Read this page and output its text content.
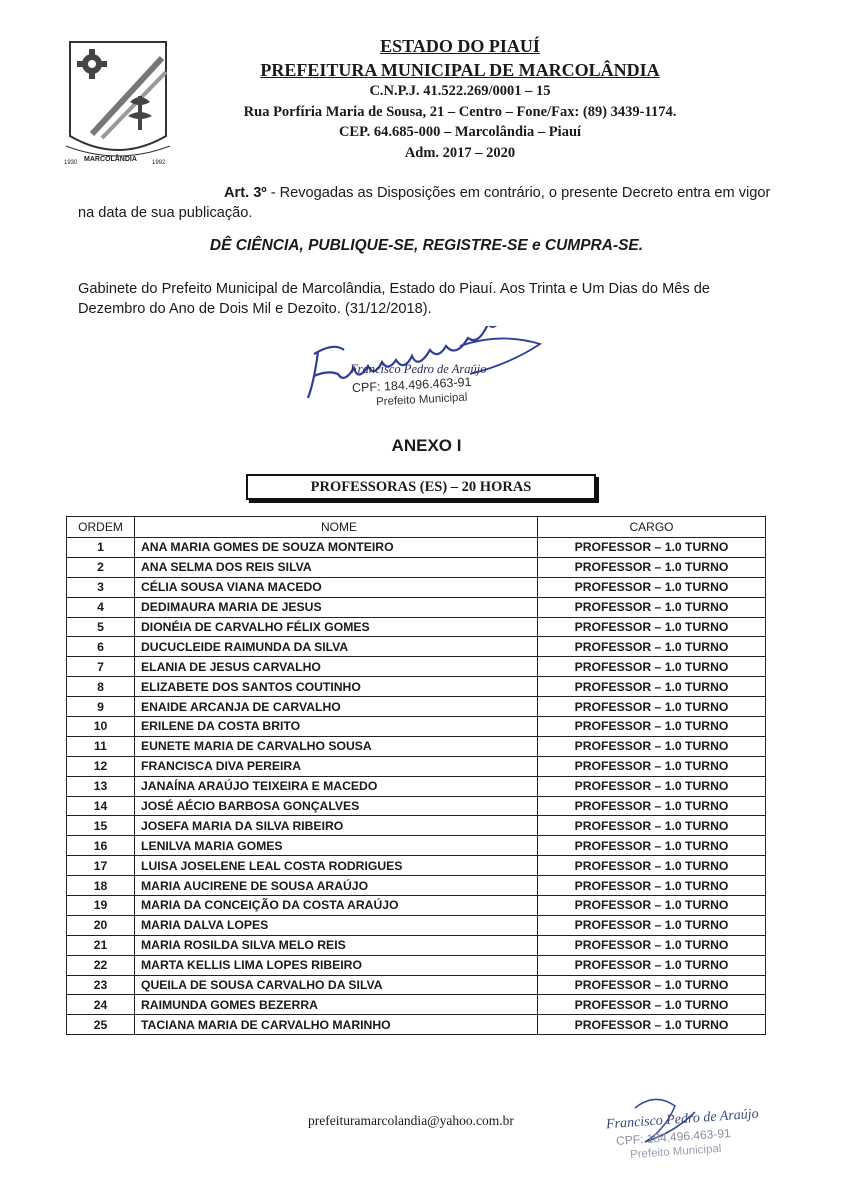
MARCOLÂNDIA
1930	1992
ESTADO DO PIAUÍ
PREFEITURA MUNICIPAL DE MARCOLÂNDIA
C.N.P.J. 41.522.269/0001 – 15
Rua Porfíria Maria de Sousa, 21 – Centro – Fone/Fax: (89) 3439-1174.
CEP. 64.685-000 – Marcolândia – Piauí
Adm. 2017 – 2020
Art. 3º - Revogadas as Disposições em contrário, o presente Decreto entra em vigor na data de sua publicação.
DÊ CIÊNCIA, PUBLIQUE-SE, REGISTRE-SE e CUMPRA-SE.
Gabinete do Prefeito Municipal de Marcolândia, Estado do Piauí. Aos Trinta e Um Dias do Mês de Dezembro do Ano de Dois Mil e Dezoito. (31/12/2018).
Francisco Pedro de Araújo
CPF: 184.496.463-91
Prefeito Municipal
ANEXO I
PROFESSORAS (ES) – 20 HORAS
ORDEM	NOME	CARGO
1	ANA MARIA GOMES DE SOUZA MONTEIRO	PROFESSOR – 1.0 TURNO
2	ANA SELMA DOS REIS SILVA	PROFESSOR – 1.0 TURNO
3	CÉLIA SOUSA VIANA MACEDO	PROFESSOR – 1.0 TURNO
4	DEDIMAURA MARIA DE JESUS	PROFESSOR – 1.0 TURNO
5	DIONÉIA DE CARVALHO FÉLIX GOMES	PROFESSOR – 1.0 TURNO
6	DUCUCLEIDE RAIMUNDA DA SILVA	PROFESSOR – 1.0 TURNO
7	ELANIA DE JESUS CARVALHO	PROFESSOR – 1.0 TURNO
8	ELIZABETE DOS SANTOS COUTINHO	PROFESSOR – 1.0 TURNO
9	ENAIDE ARCANJA DE CARVALHO	PROFESSOR – 1.0 TURNO
10	ERILENE DA COSTA BRITO	PROFESSOR – 1.0 TURNO
11	EUNETE MARIA DE CARVALHO SOUSA	PROFESSOR – 1.0 TURNO
12	FRANCISCA DIVA PEREIRA	PROFESSOR – 1.0 TURNO
13	JANAÍNA ARAÚJO TEIXEIRA E MACEDO	PROFESSOR – 1.0 TURNO
14	JOSÉ AÉCIO BARBOSA GONÇALVES	PROFESSOR – 1.0 TURNO
15	JOSEFA MARIA DA SILVA RIBEIRO	PROFESSOR – 1.0 TURNO
16	LENILVA MARIA GOMES	PROFESSOR – 1.0 TURNO
17	LUISA JOSELENE LEAL COSTA RODRIGUES	PROFESSOR – 1.0 TURNO
18	MARIA AUCIRENE DE SOUSA ARAÚJO	PROFESSOR – 1.0 TURNO
19	MARIA DA CONCEIÇÃO DA COSTA ARAÚJO	PROFESSOR – 1.0 TURNO
20	MARIA DALVA LOPES	PROFESSOR – 1.0 TURNO
21	MARIA ROSILDA SILVA MELO REIS	PROFESSOR – 1.0 TURNO
22	MARTA KELLIS LIMA LOPES RIBEIRO	PROFESSOR – 1.0 TURNO
23	QUEILA DE SOUSA CARVALHO DA SILVA	PROFESSOR – 1.0 TURNO
24	RAIMUNDA GOMES BEZERRA	PROFESSOR – 1.0 TURNO
25	TACIANA MARIA DE CARVALHO MARINHO	PROFESSOR – 1.0 TURNO
prefeituramarcolandia@yahoo.com.br	Francisco Pedro de Araújo
CPF: 184.496.463-91
Prefeito Municipal
